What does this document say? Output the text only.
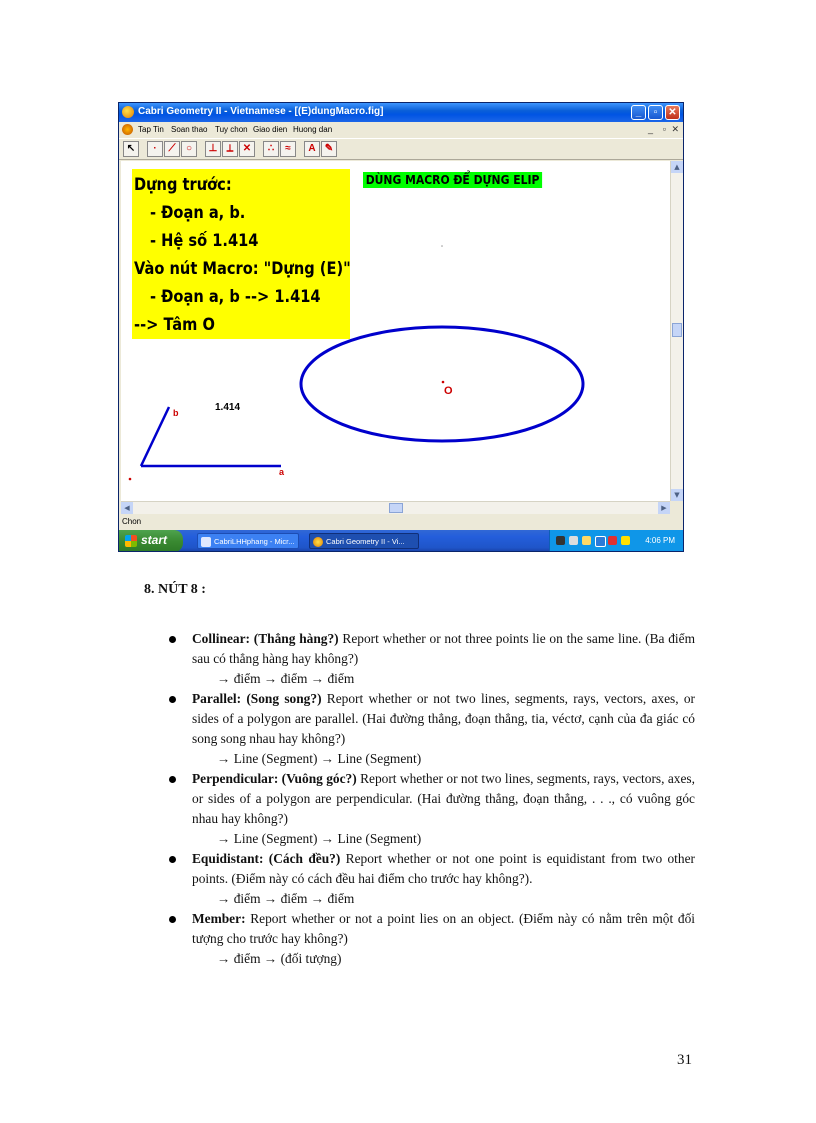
Cabri Geometry II - Vietnamese - [(E)dungMacro.fig]	_	▫	✕
Tap Tin Soan thao Tuy chon Giao dien Huong dan	_ ▫ ✕
↖	·	⟋	○	⊥ ⟂ ✕	∴	≈	A ✎
Dựng trước:
- Đoạn a, b.
- Hệ số 1.414
Vào nút Macro: "Dựng (E)"
- Đoạn a, b --> 1.414
--> Tâm O
DÙNG MACRO ĐỂ DỰNG ELIP
1.414
b
a
O
▲
▼
◀	▶
Chon
start	CabriLHHphang - Micr...	Cabri Geometry II - Vi...	4:06 PM
8. NÚT 8 :
Collinear: (Thẳng hàng?) Report whether or not three points lie on the same line. (Ba điểm sau có thẳng hàng hay không?)
→ điểm → điểm → điểm
Parallel: (Song song?) Report whether or not two lines, segments, rays, vectors, axes, or sides of a polygon are parallel. (Hai đường thẳng, đoạn thẳng, tia, véctơ, cạnh của đa giác có song song nhau hay không?)
→ Line (Segment) → Line (Segment)
Perpendicular: (Vuông góc?) Report whether or not two lines, segments, rays, vectors, axes, or sides of a polygon are perpendicular. (Hai đường thẳng, đoạn thẳng, . . ., có vuông góc nhau hay không?)
→ Line (Segment) → Line (Segment)
Equidistant: (Cách đều?) Report whether or not one point is equidistant from two other points. (Điểm này có cách đều hai điểm cho trước hay không?).
→ điểm → điểm → điểm
Member: Report whether or not a point lies on an object. (Điểm này có nằm trên một đối tượng cho trước hay không?)
→ điểm → (đối tượng)
31
